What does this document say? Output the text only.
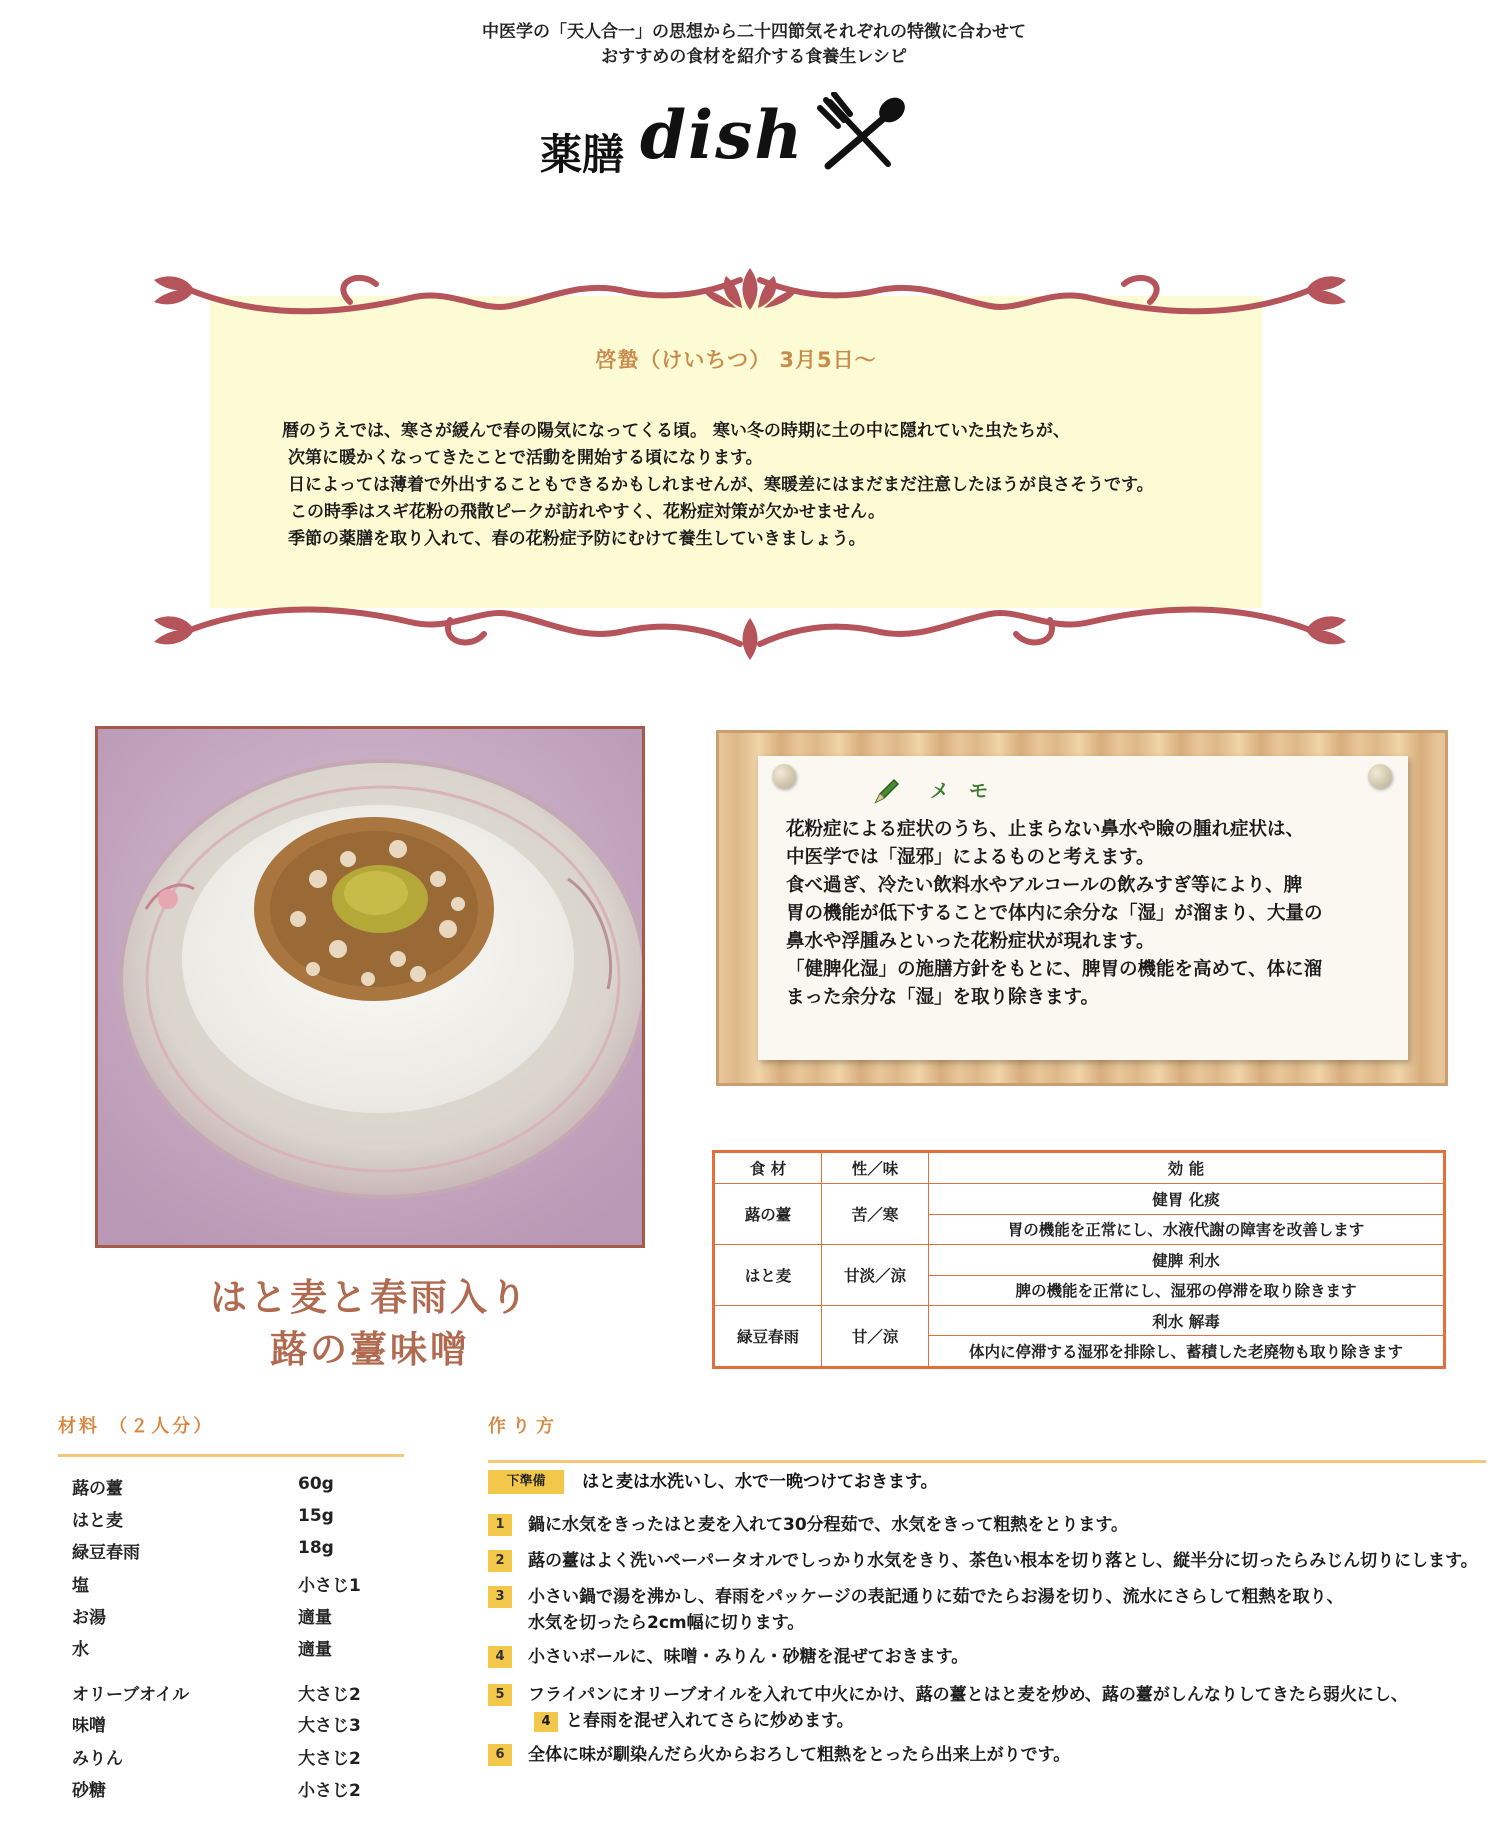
中医学の「天人合一」の思想から二十四節気それぞれの特徴に合わせて
おすすめの食材を紹介する食養生レシピ
薬膳 dish
啓蟄（けいちつ） 3月5日～
暦のうえでは、寒さが緩んで春の陽気になってくる頃。 寒い冬の時期に土の中に隠れていた虫たちが、
次第に暖かくなってきたことで活動を開始する頃になります。
日によっては薄着で外出することもできるかもしれませんが、寒暖差にはまだまだ注意したほうが良さそうです。
この時季はスギ花粉の飛散ピークが訪れやすく、花粉症対策が欠かせません。
季節の薬膳を取り入れて、春の花粉症予防にむけて養生していきましょう。
はと麦と春雨入り
蕗の薹味噌
メモ
花粉症による症状のうち、止まらない鼻水や瞼の腫れ症状は、
中医学では「湿邪」によるものと考えます。
食べ過ぎ、冷たい飲料水やアルコールの飲みすぎ等により、脾
胃の機能が低下することで体内に余分な「湿」が溜まり、大量の
鼻水や浮腫みといった花粉症状が現れます。
「健脾化湿」の施膳方針をもとに、脾胃の機能を高めて、体に溜
まった余分な「湿」を取り除きます。
食 材	性／味	効 能
蕗の薹	苦／寒	健胃 化痰
		胃の機能を正常にし、水液代謝の障害を改善します
はと麦	甘淡／涼	健脾 利水
		脾の機能を正常にし、湿邪の停滞を取り除きます
緑豆春雨	甘／涼	利水 解毒
		体内に停滞する湿邪を排除し、蓄積した老廃物も取り除きます
材料 （２人分）
蕗の薹	60g
はと麦	15g
緑豆春雨	18g
塩	小さじ1
お湯	適量
水	適量
オリーブオイル	大さじ2
味噌	大さじ3
みりん	大さじ2
砂糖	小さじ2
作り方
下準備	はと麦は水洗いし、水で一晩つけておきます。
1	鍋に水気をきったはと麦を入れて30分程茹で、水気をきって粗熱をとります。
2	蕗の薹はよく洗いペーパータオルでしっかり水気をきり、茶色い根本を切り落とし、縦半分に切ったらみじん切りにします。
3	小さい鍋で湯を沸かし、春雨をパッケージの表記通りに茹でたらお湯を切り、流水にさらして粗熱を取り、
水気を切ったら2cm幅に切ります。
4	小さいボールに、味噌・みりん・砂糖を混ぜておきます。
5	フライパンにオリーブオイルを入れて中火にかけ、蕗の薹とはと麦を炒め、蕗の薹がしんなりしてきたら弱火にし、
4 と春雨を混ぜ入れてさらに炒めます。
6	全体に味が馴染んだら火からおろして粗熱をとったら出来上がりです。
